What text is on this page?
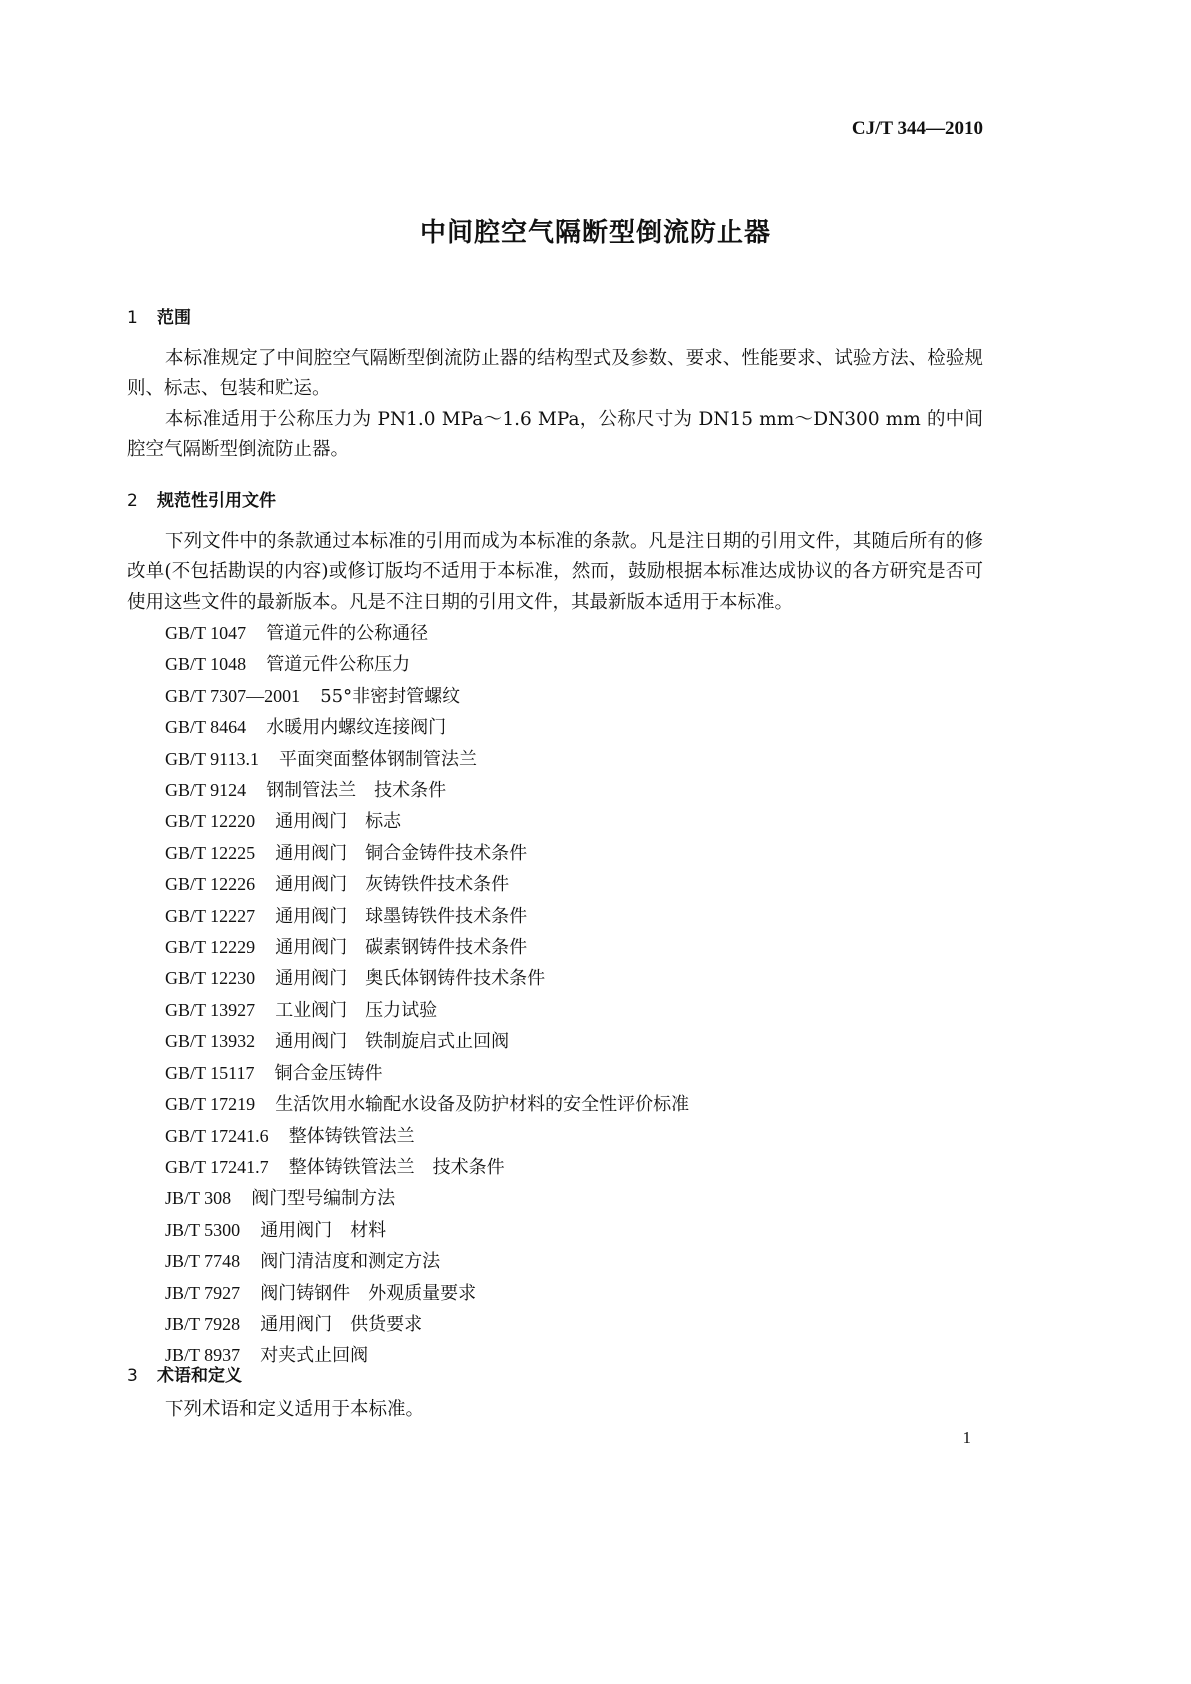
CJ/T 344—2010
中间腔空气隔断型倒流防止器
1 范围
本标准规定了中间腔空气隔断型倒流防止器的结构型式及参数、要求、性能要求、试验方法、检验规则、标志、包装和贮运。
本标准适用于公称压力为 PN1.0 MPa～1.6 MPa，公称尺寸为 DN15 mm～DN300 mm 的中间腔空气隔断型倒流防止器。
2 规范性引用文件
下列文件中的条款通过本标准的引用而成为本标准的条款。凡是注日期的引用文件，其随后所有的修改单(不包括勘误的内容)或修订版均不适用于本标准，然而，鼓励根据本标准达成协议的各方研究是否可使用这些文件的最新版本。凡是不注日期的引用文件，其最新版本适用于本标准。
GB/T 1047 管道元件的公称通径
GB/T 1048 管道元件公称压力
GB/T 7307—2001 55°非密封管螺纹
GB/T 8464 水暖用内螺纹连接阀门
GB/T 9113.1 平面突面整体钢制管法兰
GB/T 9124 钢制管法兰　技术条件
GB/T 12220 通用阀门　标志
GB/T 12225 通用阀门　铜合金铸件技术条件
GB/T 12226 通用阀门　灰铸铁件技术条件
GB/T 12227 通用阀门　球墨铸铁件技术条件
GB/T 12229 通用阀门　碳素钢铸件技术条件
GB/T 12230 通用阀门　奥氏体钢铸件技术条件
GB/T 13927 工业阀门　压力试验
GB/T 13932 通用阀门　铁制旋启式止回阀
GB/T 15117 铜合金压铸件
GB/T 17219 生活饮用水输配水设备及防护材料的安全性评价标准
GB/T 17241.6 整体铸铁管法兰
GB/T 17241.7 整体铸铁管法兰　技术条件
JB/T 308 阀门型号编制方法
JB/T 5300 通用阀门　材料
JB/T 7748 阀门清洁度和测定方法
JB/T 7927 阀门铸钢件　外观质量要求
JB/T 7928 通用阀门　供货要求
JB/T 8937 对夹式止回阀
3 术语和定义
下列术语和定义适用于本标准。
1
